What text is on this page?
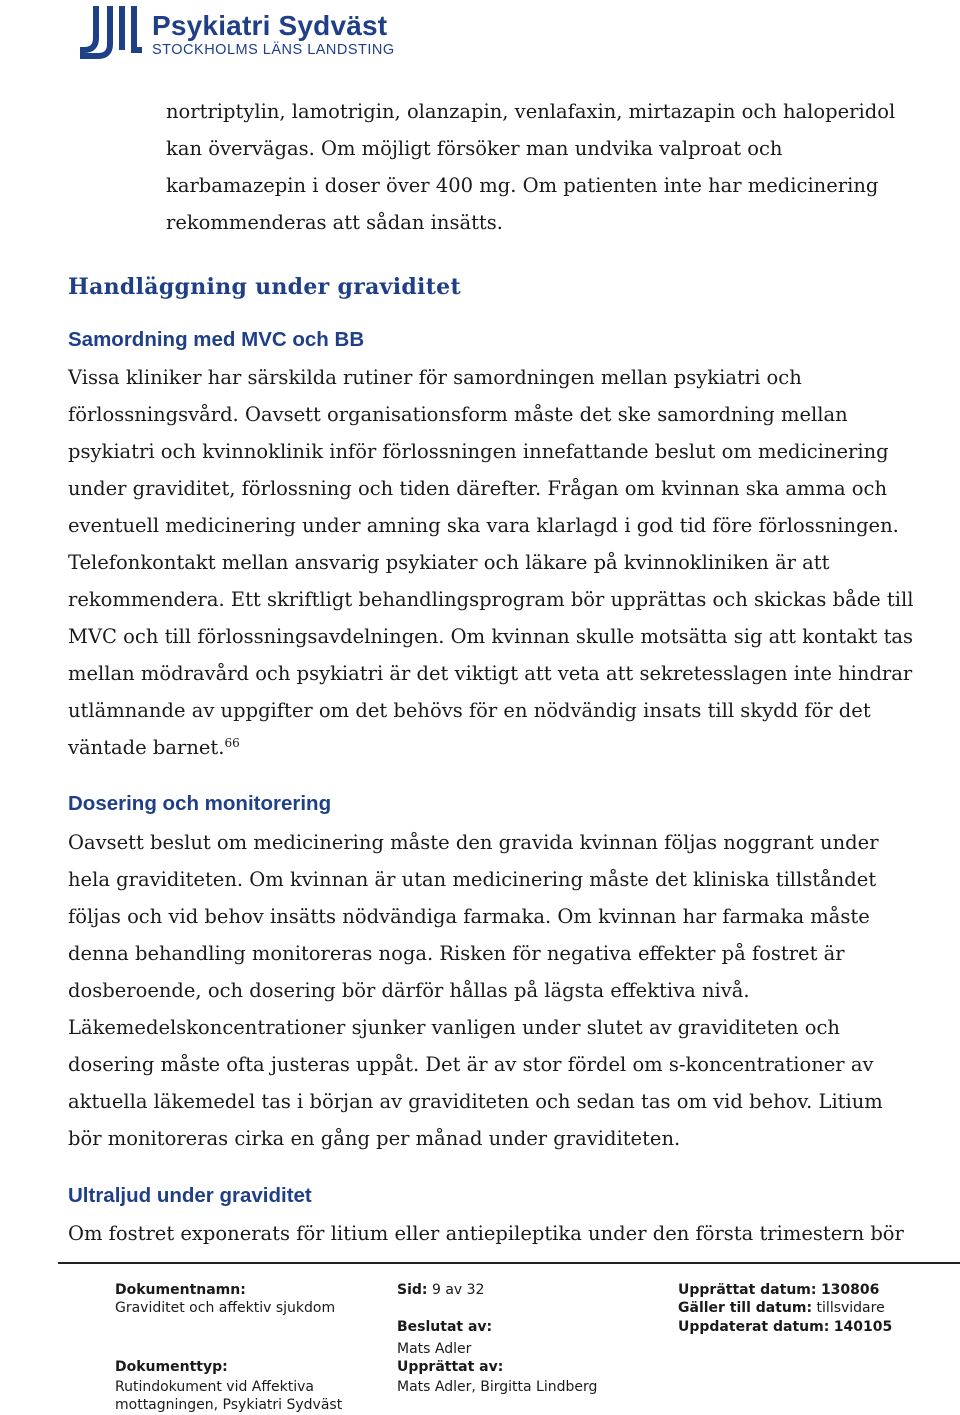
Psykiatri Sydväst
STOCKHOLMS LÄNS LANDSTING
nortriptylin, lamotrigin, olanzapin, venlafaxin, mirtazapin och haloperidol
kan övervägas. Om möjligt försöker man undvika valproat och
karbamazepin i doser över 400 mg. Om patienten inte har medicinering
rekommenderas att sådan insätts.
Handläggning under graviditet
Samordning med MVC och BB
Vissa kliniker har särskilda rutiner för samordningen mellan psykiatri och
förlossningsvård. Oavsett organisationsform måste det ske samordning mellan
psykiatri och kvinnoklinik inför förlossningen innefattande beslut om medicinering
under graviditet, förlossning och tiden därefter. Frågan om kvinnan ska amma och
eventuell medicinering under amning ska vara klarlagd i god tid före förlossningen.
Telefonkontakt mellan ansvarig psykiater och läkare på kvinnokliniken är att
rekommendera. Ett skriftligt behandlingsprogram bör upprättas och skickas både till
MVC och till förlossningsavdelningen. Om kvinnan skulle motsätta sig att kontakt tas
mellan mödravård och psykiatri är det viktigt att veta att sekretesslagen inte hindrar
utlämnande av uppgifter om det behövs för en nödvändig insats till skydd för det
väntade barnet.$^{66}$
Dosering och monitorering
Oavsett beslut om medicinering måste den gravida kvinnan följas noggrant under
hela graviditeten. Om kvinnan är utan medicinering måste det kliniska tillståndet
följas och vid behov insätts nödvändiga farmaka. Om kvinnan har farmaka måste
denna behandling monitoreras noga. Risken för negativa effekter på fostret är
dosberoende, och dosering bör därför hållas på lägsta effektiva nivå.
Läkemedelskoncentrationer sjunker vanligen under slutet av graviditeten och
dosering måste ofta justeras uppåt. Det är av stor fördel om s-koncentrationer av
aktuella läkemedel tas i början av graviditeten och sedan tas om vid behov. Litium
bör monitoreras cirka en gång per månad under graviditeten.
Ultraljud under graviditet
Om fostret exponerats för litium eller antiepileptika under den första trimestern bör
Dokumentnamn:
Graviditet och affektiv sjukdom
Dokumenttyp:
Rutindokument vid Affektiva
mottagningen, Psykiatri Sydväst
Sid: 9 av 32
Beslutat av:
Mats Adler
Upprättat av:
Mats Adler, Birgitta Lindberg
Upprättat datum: 130806
Gäller till datum: tillsvidare
Uppdaterat datum: 140105
